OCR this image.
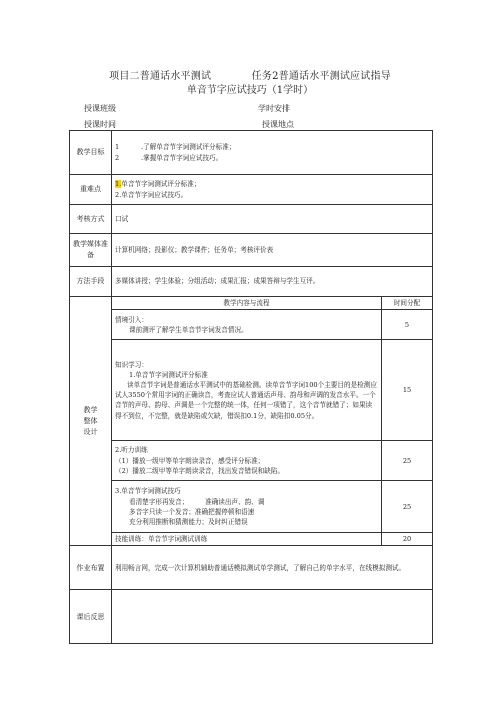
项目二普通话水平测试            任务2普通话水平测试应试指导
单音节字应试技巧（1学时）
授课班级	学时安排
授课时间	授课地点
教学目标	1 .了解单音节字词测试评分标准；
2 .掌握单音节字词应试技巧。	

重难点	1.单音节字词测试评分标准；
2.单音节字词应试技巧。	

考核方式	口试	
教学媒体准备	计算机网络；投影仪；教学课件；任务单；考核评价表	
方法手段	多媒体讲授；学生体验；分组活动；成果汇报；成果答辩与学生互评。	

教学
整体
设计	教学内容与流程	时间分配

	情境引入：
课前测评了解学生单音节字词发音情况。	5

	知识学习：
1.单音节字词测试评分标准
读单音节字词是普通话水平测试中的基础检测。读单音节字词100个主要目的是检测应试人3550个常用字词的正确读音，考查应试人普通话声母、韵母和声调的发音水平。一个音节的声母、韵母、声调是一个完整的统一体，任何一项错了，这个音节就错了；如果读得不到位，不完整，就是缺陷或欠缺，错误扣0.1分，缺陷扣0.05分。	15

	2.听力训练
（1）播放一级甲等单字朗读录音，感受评分标准；
（2）播放二级甲等单字朗读录音，找出发音错误和缺陷。	25

	3.单音节字词测试技巧
看清楚字形再发音；        准确读出声、韵、调
多音字只读一个发音；准确把握停顿和语速
充分利用推断和猜测能力；及时纠正错误	25

	技能训练：单音节字词测试训练	20
作业布置	利用畅言网，完成一次计算机辅助普通话模拟测试单学测试，了解自己的单字水平，在线模拟测试。	
课后反思		
